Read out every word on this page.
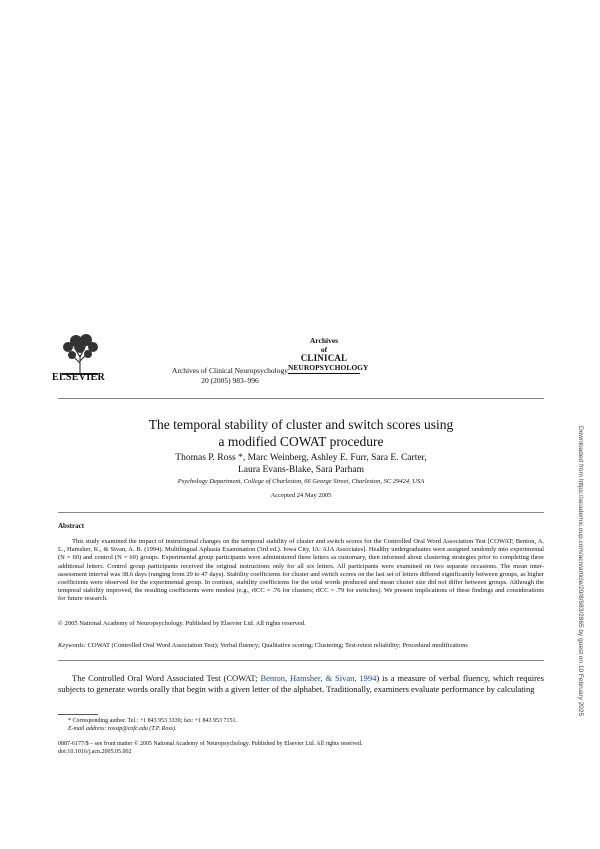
ELSEVIER
Archives of Clinical Neuropsychology
20 (2005) 983–996
Archives
of
CLINICAL
NEUROPSYCHOLOGY
The temporal stability of cluster and switch scores using
a modified COWAT procedure
Thomas P. Ross *, Marc Weinberg, Ashley E. Furr, Sara E. Carter,
Laura Evans-Blake, Sara Parham
Psychology Department, College of Charleston, 66 George Street, Charleston, SC 29424, USA
Accepted 24 May 2005
Abstract

This study examined the impact of instructional changes on the temporal stability of cluster and switch scores for the Controlled Oral Word Association Test [COWAT; Benton, A. L., Hamsher, K., & Sivan, A. B. (1994). Multilingual Aphasia Examination (3rd ed.). Iowa City, IA: AJA Associates]. Healthy undergraduates were assigned randomly into experimental (N = 60) and control (N = 60) groups. Experimental group participants were administered three letters as customary, then informed about clustering strategies prior to completing three additional letters. Control group participants received the original instructions only for all six letters. All participants were examined on two separate occasions. The mean inter-assessment interval was 38.6 days (ranging from 29 to 47 days). Stability coefficients for cluster and switch scores on the last set of letters differed significantly between groups, as higher coefficients were observed for the experimental group. In contrast, stability coefficients for the total words produced and mean cluster size did not differ between groups. Although the temporal stability improved, the resulting coefficients were modest (e.g., rICC = .76 for clusters; rICC = .79 for switches). We present implications of these findings and considerations for future research.

© 2005 National Academy of Neuropsychology. Published by Elsevier Ltd. All rights reserved.
Keywords: COWAT (Controlled Oral Word Association Test); Verbal fluency; Qualitative scoring; Clustering; Test-retest reliability; Procedural modifications
The Controlled Oral Word Associated Test (COWAT; Benton, Hamsher, & Sivan, 1994) is a measure of verbal fluency, which requires subjects to generate words orally that begin with a given letter of the alphabet. Traditionally, examiners evaluate performance by calculating
* Corresponding author. Tel.: +1 843 953 3339; fax: +1 843 953 7151.
E-mail address: rosstp@cofc.edu (T.P. Ross).
0887-6177/$ – see front matter © 2005 National Academy of Neuropsychology. Published by Elsevier Ltd. All rights reserved.
doi:10.1016/j.acn.2005.05.002
Downloaded from https://academic.oup.com/acn/article/20/8/983/2865 by guest on 10 February 2025
